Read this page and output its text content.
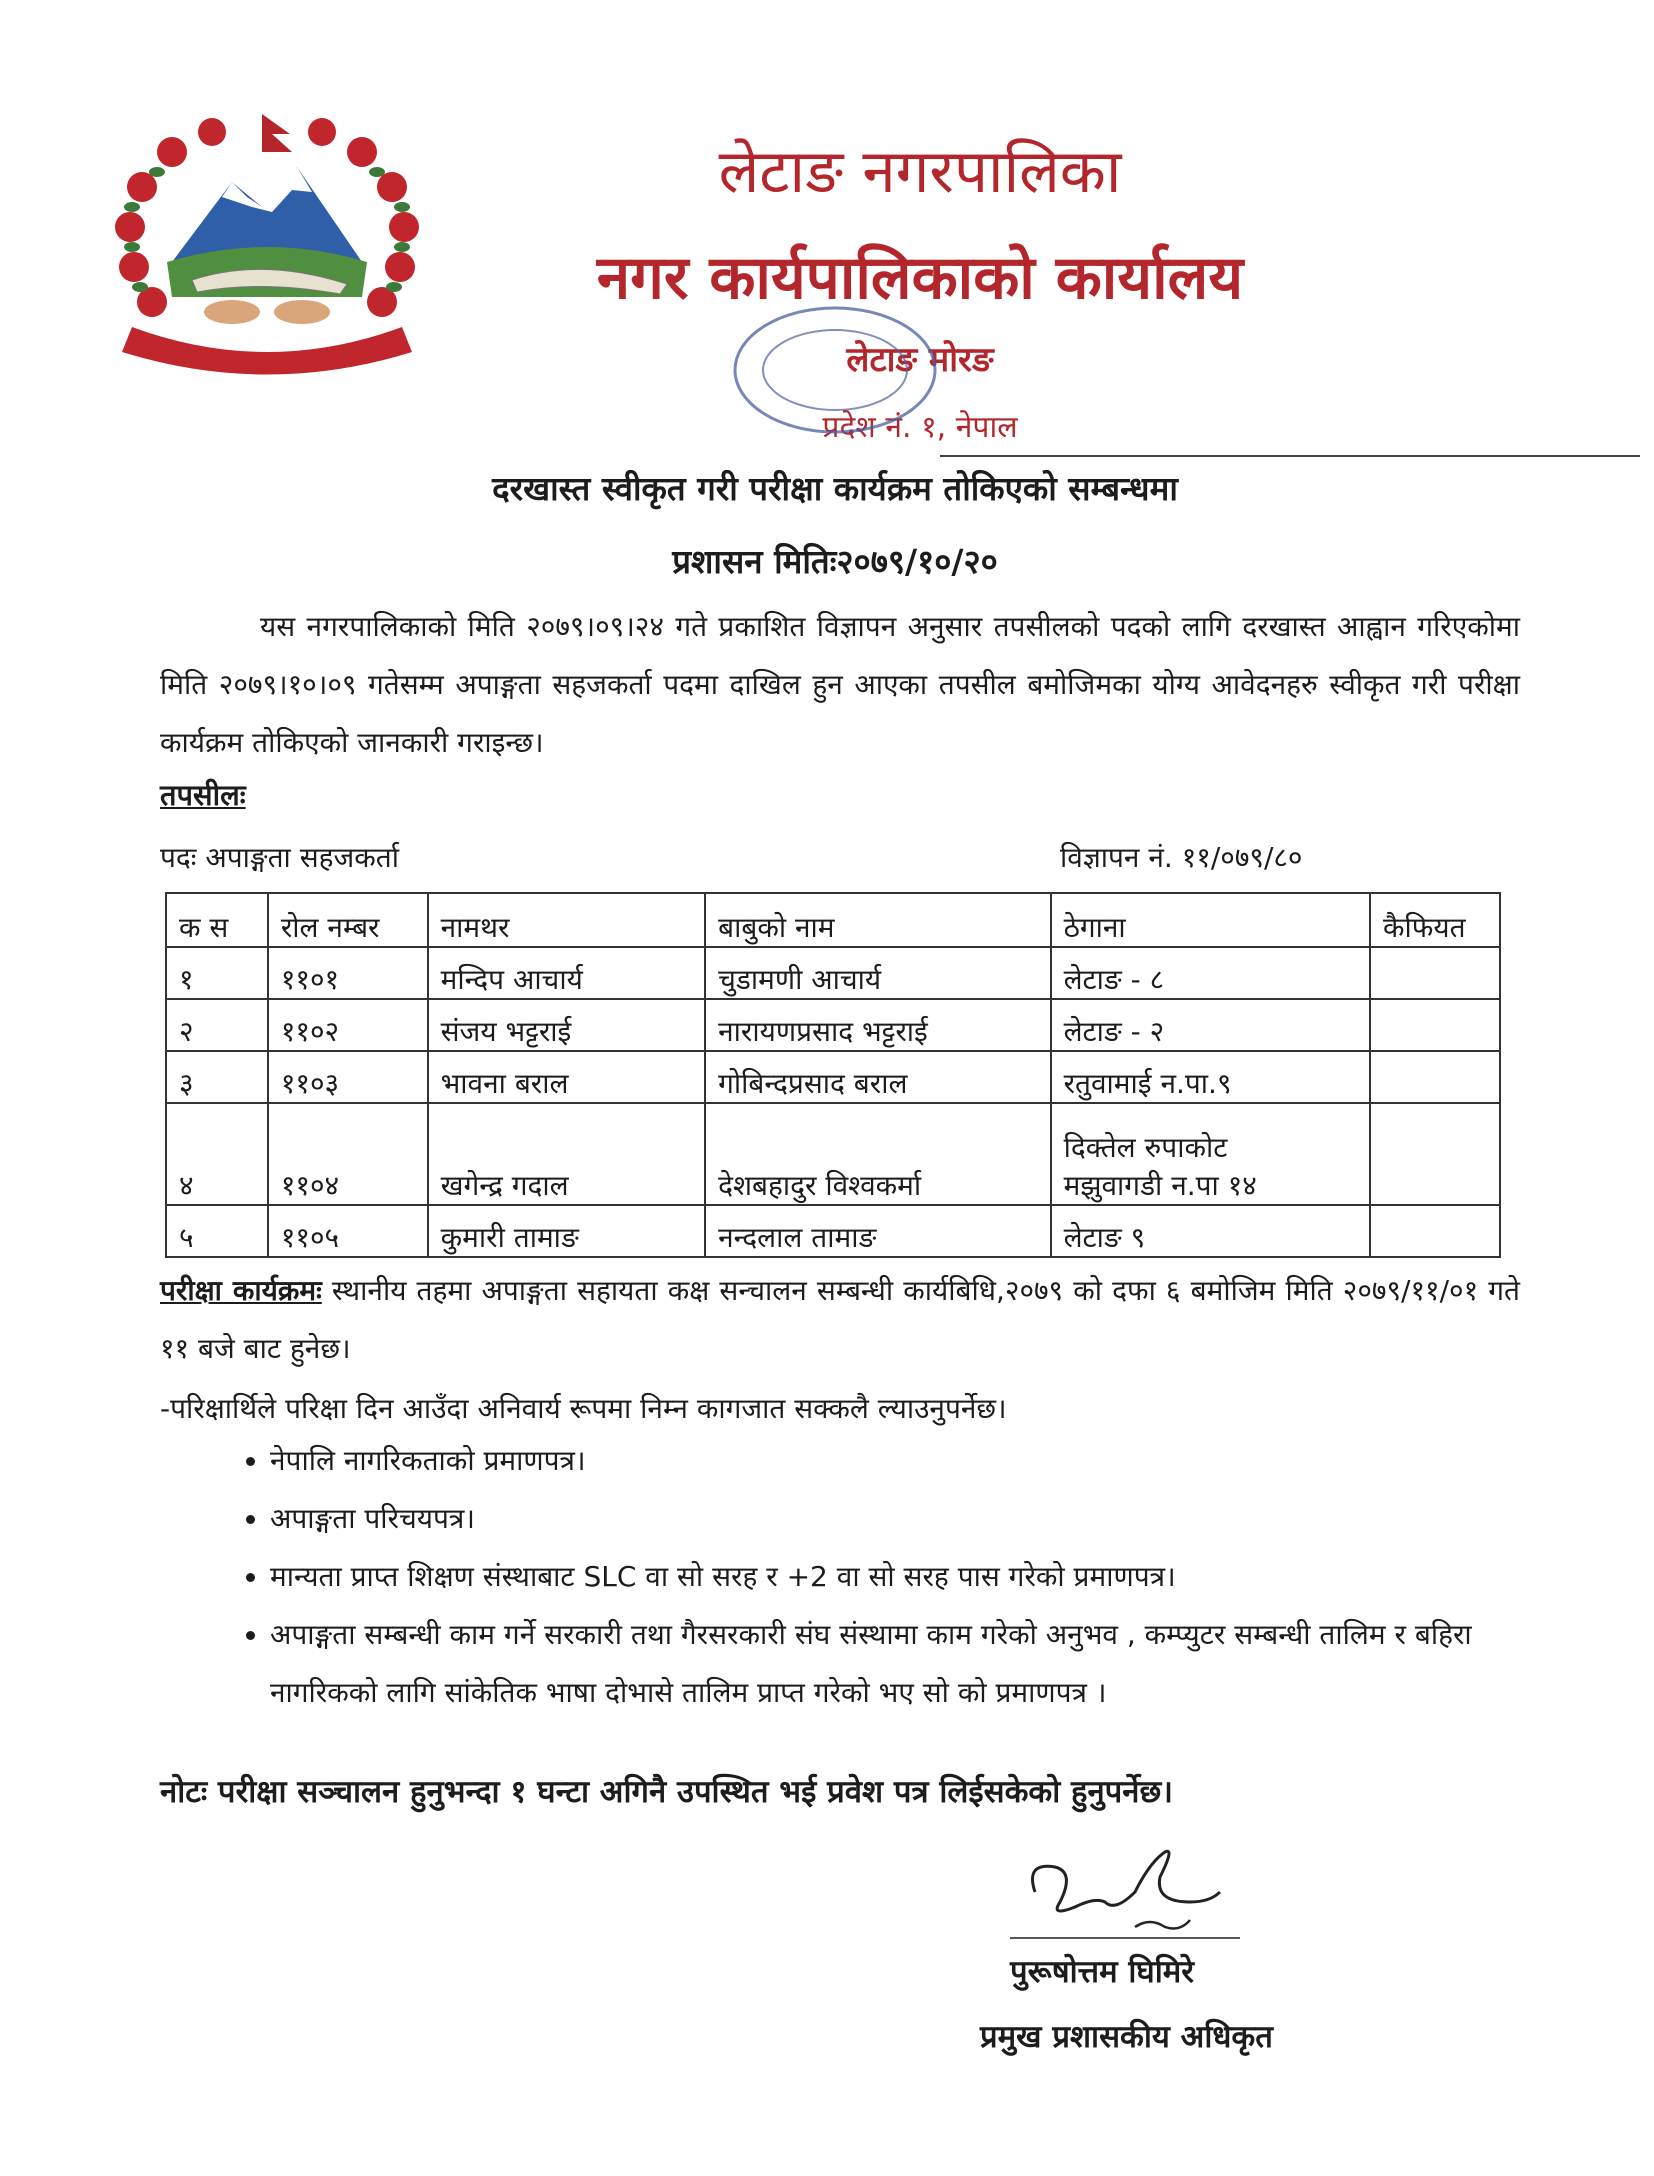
लेटाङ नगरपालिका
नगर कार्यपालिकाको कार्यालय
लेटाङ मोरङ
प्रदेश नं. १, नेपाल
दरखास्त स्वीकृत गरी परीक्षा कार्यक्रम तोकिएको सम्बन्धमा
प्रशासन मितिः२०७९/१०/२०
यस नगरपालिकाको मिति २०७९।०९।२४ गते प्रकाशित विज्ञापन अनुसार तपसीलको पदको लागि दरखास्त आह्वान गरिएकोमा मिति २०७९।१०।०९ गतेसम्म अपाङ्गता सहजकर्ता पदमा दाखिल हुन आएका तपसील बमोजिमका योग्य आवेदनहरु स्वीकृत गरी परीक्षा कार्यक्रम तोकिएको जानकारी गराइन्छ।
तपसीलः
पदः अपाङ्गता सहजकर्ता	विज्ञापन नं. ११/०७९/८०
क स	रोल नम्बर	नामथर	बाबुको नाम	ठेगाना	कैफियत
१	११०१	मन्दिप आचार्य	चुडामणी आचार्य	लेटाङ - ८	
२	११०२	संजय भट्टराई	नारायणप्रसाद भट्टराई	लेटाङ - २	
३	११०३	भावना बराल	गोबिन्दप्रसाद बराल	रतुवामाई न.पा.९	
४	११०४	खगेन्द्र गदाल	देशबहादुर विश्वकर्मा	दिक्तेल रुपाकोट
मझुवागडी न.पा १४	

५	११०५	कुमारी तामाङ	नन्दलाल तामाङ	लेटाङ ९	
परीक्षा कार्यक्रमः स्थानीय तहमा अपाङ्गता सहायता कक्ष सन्चालन सम्बन्धी कार्यबिधि,२०७९ को दफा ६ बमोजिम मिति २०७९/११/०१ गते ११ बजे बाट हुनेछ।
-परिक्षार्थिले परिक्षा दिन आउँदा अनिवार्य रूपमा निम्न कागजात सक्कलै ल्याउनुपर्नेछ।
• नेपालि नागरिकताको प्रमाणपत्र।
• अपाङ्गता परिचयपत्र।
• मान्यता प्राप्त शिक्षण संस्थाबाट SLC वा सो सरह र +2 वा सो सरह पास गरेको प्रमाणपत्र।
• अपाङ्गता सम्बन्धी काम गर्ने सरकारी तथा गैरसरकारी संघ संस्थामा काम गरेको अनुभव , कम्प्युटर सम्बन्धी तालिम र बहिरा नागरिकको लागि सांकेतिक भाषा दोभासे तालिम प्राप्त गरेको भए सो को प्रमाणपत्र ।
नोटः परीक्षा सञ्चालन हुनुभन्दा १ घन्टा अगिनै उपस्थित भई प्रवेश पत्र लिईसकेको हुनुपर्नेछ।
पुरूषोत्तम घिमिरे
प्रमुख प्रशासकीय अधिकृत
